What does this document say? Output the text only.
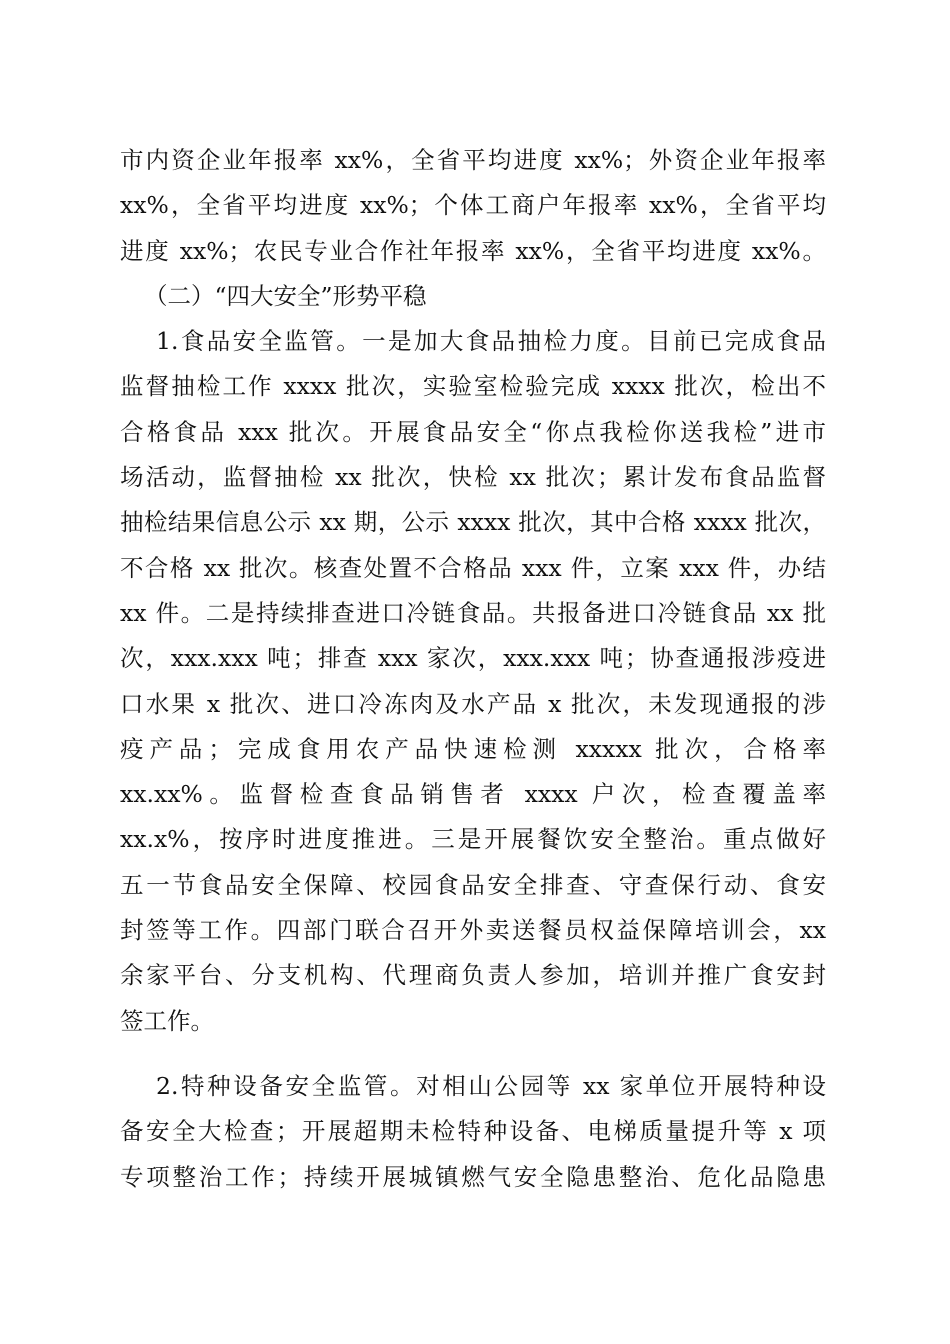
市内资企业年报率 xx%，全省平均进度 xx%；外资企业年报率
xx%，全省平均进度 xx%；个体工商户年报率 xx%，全省平均
进度 xx%；农民专业合作社年报率 xx%，全省平均进度 xx%。
（二）“四大安全”形势平稳
1.食品安全监管。一是加大食品抽检力度。目前已完成食品
监督抽检工作 xxxx 批次，实验室检验完成 xxxx 批次，检出不
合格食品 xxx 批次。开展食品安全“你点我检你送我检”进市
场活动，监督抽检 xx 批次，快检 xx 批次；累计发布食品监督
抽检结果信息公示 xx 期，公示 xxxx 批次，其中合格 xxxx 批次，
不合格 xx 批次。核查处置不合格品 xxx 件，立案 xxx 件，办结
xx 件。二是持续排查进口冷链食品。共报备进口冷链食品 xx 批
次，xxx.xxx 吨；排查 xxx 家次，xxx.xxx 吨；协查通报涉疫进
口水果 x 批次、进口冷冻肉及水产品 x 批次，未发现通报的涉
疫产品；完成食用农产品快速检测 xxxxx 批次，合格率
xx.xx%。监督检查食品销售者 xxxx 户次，检查覆盖率
xx.x%，按序时进度推进。三是开展餐饮安全整治。重点做好
五一节食品安全保障、校园食品安全排查、守查保行动、食安
封签等工作。四部门联合召开外卖送餐员权益保障培训会，xx
余家平台、分支机构、代理商负责人参加，培训并推广食安封
签工作。
2.特种设备安全监管。对相山公园等 xx 家单位开展特种设
备安全大检查；开展超期未检特种设备、电梯质量提升等 x 项
专项整治工作；持续开展城镇燃气安全隐患整治、危化品隐患
